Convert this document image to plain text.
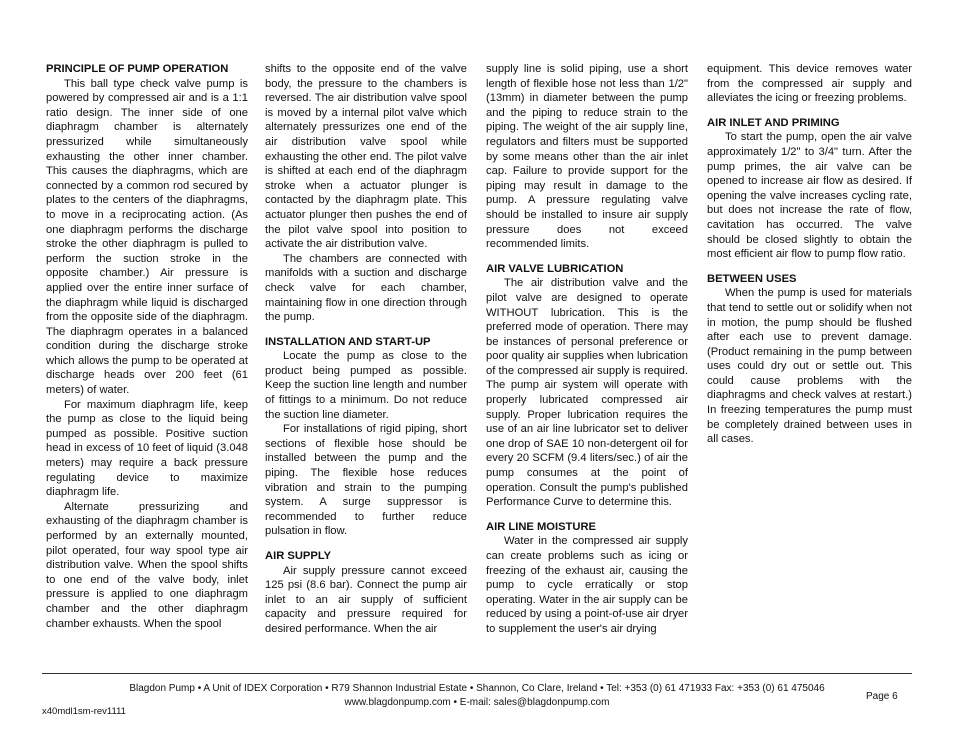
PRINCIPLE OF PUMP OPERATION

This ball type check valve pump is powered by compressed air and is a 1:1 ratio design. The inner side of one diaphragm chamber is alternately pressurized while simultaneously exhausting the other inner chamber. This causes the diaphragms, which are connected by a common rod secured by plates to the centers of the diaphragms, to move in a reciprocating action. (As one diaphragm performs the discharge stroke the other diaphragm is pulled to perform the suction stroke in the opposite chamber.) Air pressure is applied over the entire inner surface of the diaphragm while liquid is discharged from the opposite side of the diaphragm. The diaphragm operates in a balanced condition during the discharge stroke which allows the pump to be operated at discharge heads over 200 feet (61 meters) of water.

For maximum diaphragm life, keep the pump as close to the liquid being pumped as possible. Positive suction head in excess of 10 feet of liquid (3.048 meters) may require a back pressure regulating device to maximize diaphragm life.

Alternate pressurizing and exhausting of the diaphragm chamber is performed by an externally mounted, pilot operated, four way spool type air distribution valve. When the spool shifts to one end of the valve body, inlet pressure is applied to one diaphragm chamber and the other diaphragm chamber exhausts. When the spool

shifts to the opposite end of the valve body, the pressure to the chambers is reversed. The air distribution valve spool is moved by a internal pilot valve which alternately pressurizes one end of the air distribution valve spool while exhausting the other end. The pilot valve is shifted at each end of the diaphragm stroke when a actuator plunger is contacted by the diaphragm plate. This actuator plunger then pushes the end of the pilot valve spool into position to activate the air distribution valve.

The chambers are connected with manifolds with a suction and discharge check valve for each chamber, maintaining flow in one direction through the pump.

INSTALLATION AND START-UP

Locate the pump as close to the product being pumped as possible. Keep the suction line length and number of fittings to a minimum. Do not reduce the suction line diameter.

For installations of rigid piping, short sections of flexible hose should be installed between the pump and the piping. The flexible hose reduces vibration and strain to the pumping system. A surge suppressor is recommended to further reduce pulsation in flow.

AIR SUPPLY

Air supply pressure cannot exceed 125 psi (8.6 bar). Connect the pump air inlet to an air supply of sufficient capacity and pressure required for desired performance. When the air

supply line is solid piping, use a short length of flexible hose not less than 1/2" (13mm) in diameter between the pump and the piping to reduce strain to the piping. The weight of the air supply line, regulators and filters must be supported by some means other than the air inlet cap. Failure to provide support for the piping may result in damage to the pump. A pressure regulating valve should be installed to insure air supply pressure does not exceed recommended limits.

AIR VALVE LUBRICATION

The air distribution valve and the pilot valve are designed to operate WITHOUT lubrication. This is the preferred mode of operation. There may be instances of personal preference or poor quality air supplies when lubrication of the compressed air supply is required. The pump air system will operate with properly lubricated compressed air supply. Proper lubrication requires the use of an air line lubricator set to deliver one drop of SAE 10 non-detergent oil for every 20 SCFM (9.4 liters/sec.) of air the pump consumes at the point of operation. Consult the pump's published Performance Curve to determine this.

AIR LINE MOISTURE

Water in the compressed air supply can create problems such as icing or freezing of the exhaust air, causing the pump to cycle erratically or stop operating. Water in the air supply can be reduced by using a point-of-use air dryer to supplement the user's air drying

equipment. This device removes water from the compressed air supply and alleviates the icing or freezing problems.

AIR INLET AND PRIMING

To start the pump, open the air valve approximately 1/2" to 3/4" turn. After the pump primes, the air valve can be opened to increase air flow as desired. If opening the valve increases cycling rate, but does not increase the rate of flow, cavitation has occurred. The valve should be closed slightly to obtain the most efficient air flow to pump flow ratio.

BETWEEN USES

When the pump is used for materials that tend to settle out or solidify when not in motion, the pump should be flushed after each use to prevent damage. (Product remaining in the pump between uses could dry out or settle out. This could cause problems with the diaphragms and check valves at restart.) In freezing temperatures the pump must be completely drained between uses in all cases.

Blagdon Pump • A Unit of IDEX Corporation • R79 Shannon Industrial Estate • Shannon, Co Clare, Ireland • Tel: +353 (0) 61 471933 Fax: +353 (0) 61 475046
www.blagdonpump.com • E-mail: sales@blagdonpump.com
Page 6
x40mdl1sm-rev1111
